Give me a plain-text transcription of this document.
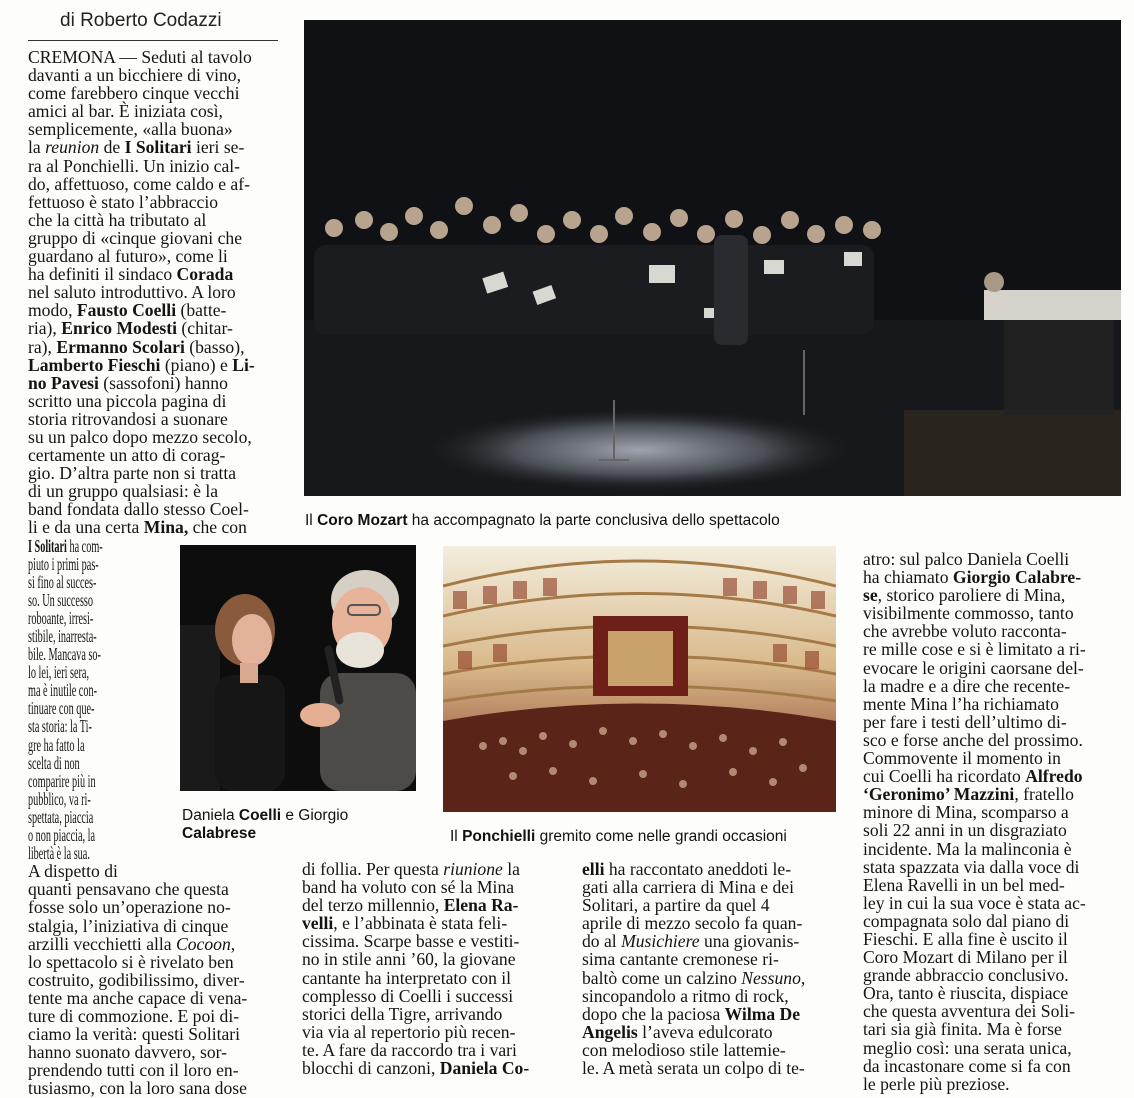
di Roberto Codazzi
Il Coro Mozart ha accompagnato la parte conclusiva dello spettacolo
Daniela Coelli e Giorgio
Calabrese	Il Ponchielli gremito come nelle grandi occasioni
CREMONA — Seduti al tavolo
davanti a un bicchiere di vino,
come farebbero cinque vecchi
amici al bar. È iniziata così,
semplicemente, «alla buona»
la reunion de I Solitari ieri se-
ra al Ponchielli. Un inizio cal-
do, affettuoso, come caldo e af-
fettuoso è stato l’abbraccio
che la città ha tributato al
gruppo di «cinque giovani che
guardano al futuro», come li
ha definiti il sindaco Corada
nel saluto introduttivo. A loro
modo, Fausto Coelli (batte-
ria), Enrico Modesti (chitar-
ra), Ermanno Scolari (basso),
Lamberto Fieschi (piano) e Li-
no Pavesi (sassofoni) hanno
scritto una piccola pagina di
storia ritrovandosi a suonare
su un palco dopo mezzo secolo,
certamente un atto di corag-
gio. D’altra parte non si tratta
di un gruppo qualsiasi: è la
band fondata dallo stesso Coel-
li e da una certa Mina, che con
I Solitari ha com-
piuto i primi pas-
si fino al succes-
so. Un successo
roboante, irresi-
stibile, inarresta-
bile. Mancava so-
lo lei, ieri sera,
ma è inutile con-
tinuare con que-
sta storia: la Ti-
gre ha fatto la
scelta di non
comparire più in
pubblico, va ri-
spettata, piaccia
o non piaccia, la
libertà è la sua.
A dispetto di
quanti pensavano che questa
fosse solo un’operazione no-
stalgia, l’iniziativa di cinque
arzilli vecchietti alla Cocoon,
lo spettacolo si è rivelato ben
costruito, godibilissimo, diver-
tente ma anche capace di vena-
ture di commozione. E poi di-
ciamo la verità: questi Solitari
hanno suonato davvero, sor-
prendendo tutti con il loro en-
tusiasmo, con la loro sana dose
di follia. Per questa riunione la
band ha voluto con sé la Mina
del terzo millennio, Elena Ra-
velli, e l’abbinata è stata feli-
cissima. Scarpe basse e vestiti-
no in stile anni ’60, la giovane
cantante ha interpretato con il
complesso di Coelli i successi
storici della Tigre, arrivando
via via al repertorio più recen-
te. A fare da raccordo tra i vari
blocchi di canzoni, Daniela Co-
elli ha raccontato aneddoti le-
gati alla carriera di Mina e dei
Solitari, a partire da quel 4
aprile di mezzo secolo fa quan-
do al Musichiere una giovanis-
sima cantante cremonese ri-
baltò come un calzino Nessuno,
sincopandolo a ritmo di rock,
dopo che la paciosa Wilma De
Angelis l’aveva edulcorato
con melodioso stile lattemie-
le. A metà serata un colpo di te-
atro: sul palco Daniela Coelli
ha chiamato Giorgio Calabre-
se, storico paroliere di Mina,
visibilmente commosso, tanto
che avrebbe voluto racconta-
re mille cose e si è limitato a ri-
evocare le origini caorsane del-
la madre e a dire che recente-
mente Mina l’ha richiamato
per fare i testi dell’ultimo di-
sco e forse anche del prossimo.
Commovente il momento in
cui Coelli ha ricordato Alfredo
‘Geronimo’ Mazzini, fratello
minore di Mina, scomparso a
soli 22 anni in un disgraziato
incidente. Ma la malinconia è
stata spazzata via dalla voce di
Elena Ravelli in un bel med-
ley in cui la sua voce è stata ac-
compagnata solo dal piano di
Fieschi. E alla fine è uscito il
Coro Mozart di Milano per il
grande abbraccio conclusivo.
Ora, tanto è riuscita, dispiace
che questa avventura dei Soli-
tari sia già finita. Ma è forse
meglio così: una serata unica,
da incastonare come si fa con
le perle più preziose.
